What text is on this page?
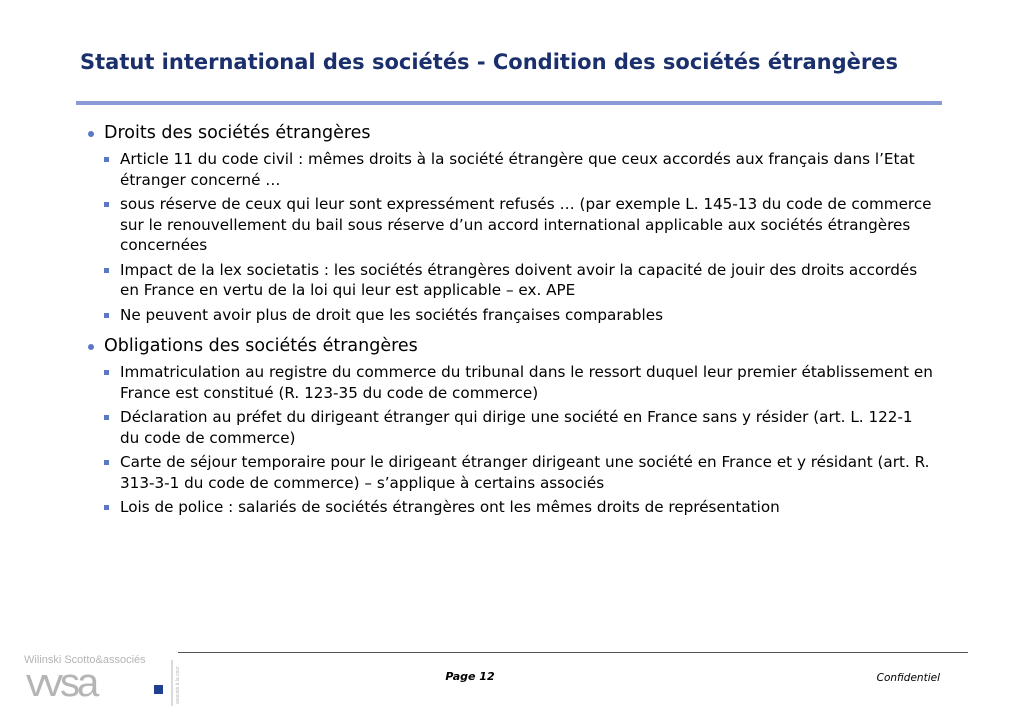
Statut international des sociétés - Condition des sociétés étrangères
Droits des sociétés étrangères
Article 11 du code civil : mêmes droits à la société étrangère que ceux accordés aux français dans l’Etat étranger concerné …
sous réserve de ceux qui leur sont expressément refusés … (par exemple L. 145-13 du code de commerce sur le renouvellement du bail sous réserve d’un accord international applicable aux sociétés étrangères concernées
Impact de la lex societatis : les sociétés étrangères doivent avoir la capacité de jouir des droits accordés en France en vertu de la loi qui leur est applicable – ex. APE
Ne peuvent avoir plus de droit que les sociétés françaises comparables
Obligations des sociétés étrangères
Immatriculation au registre du commerce du tribunal dans le ressort duquel leur premier établissement en France est constitué (R. 123-35 du code de commerce)
Déclaration au préfet du dirigeant étranger qui dirige une société en France sans y résider (art. L. 122-1 du code de commerce)
Carte de séjour temporaire pour le dirigeant étranger dirigeant une société en France et y résidant (art. R. 313-3-1 du code de commerce) – s’applique à certains associés
Lois de police : salariés de sociétés étrangères ont les mêmes droits de représentation
Wilinski Scotto&associés
vvsa	avocats à la cour	Page 12	Confidentiel
